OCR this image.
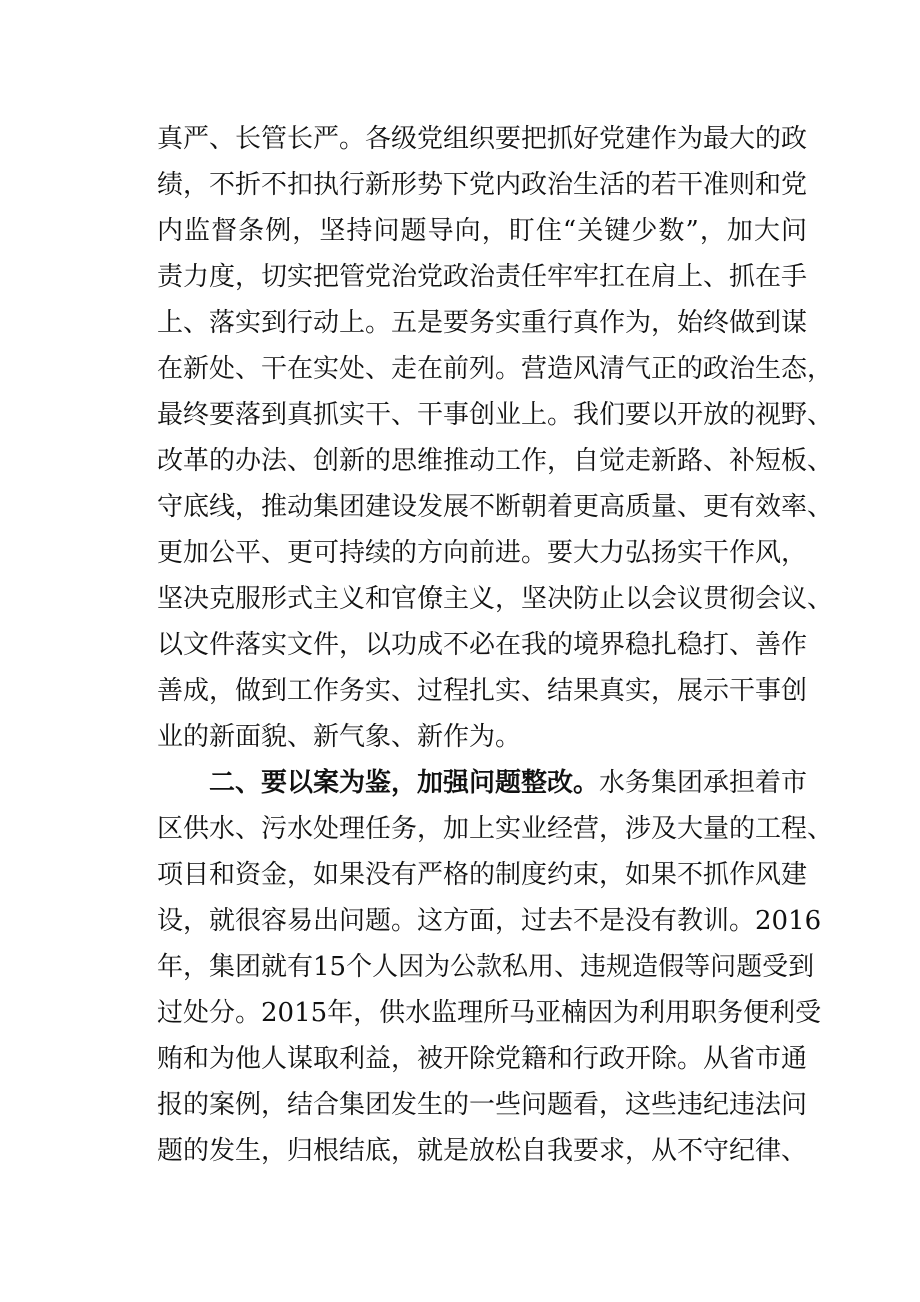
真严、长管长严。各级党组织要把抓好党建作为最大的政
绩，不折不扣执行新形势下党内政治生活的若干准则和党
内监督条例，坚持问题导向，盯住“关键少数”，加大问
责力度，切实把管党治党政治责任牢牢扛在肩上、抓在手
上、落实到行动上。五是要务实重行真作为，始终做到谋
在新处、干在实处、走在前列。营造风清气正的政治生态，
最终要落到真抓实干、干事创业上。我们要以开放的视野、
改革的办法、创新的思维推动工作，自觉走新路、补短板、
守底线，推动集团建设发展不断朝着更高质量、更有效率、
更加公平、更可持续的方向前进。要大力弘扬实干作风，
坚决克服形式主义和官僚主义，坚决防止以会议贯彻会议、
以文件落实文件，以功成不必在我的境界稳扎稳打、善作
善成，做到工作务实、过程扎实、结果真实，展示干事创
业的新面貌、新气象、新作为。
二、要以案为鉴，加强问题整改。水务集团承担着市
区供水、污水处理任务，加上实业经营，涉及大量的工程、
项目和资金，如果没有严格的制度约束，如果不抓作风建
设，就很容易出问题。这方面，过去不是没有教训。2016
年，集团就有15个人因为公款私用、违规造假等问题受到
过处分。2015年，供水监理所马亚楠因为利用职务便利受
贿和为他人谋取利益，被开除党籍和行政开除。从省市通
报的案例，结合集团发生的一些问题看，这些违纪违法问
题的发生，归根结底，就是放松自我要求，从不守纪律、
